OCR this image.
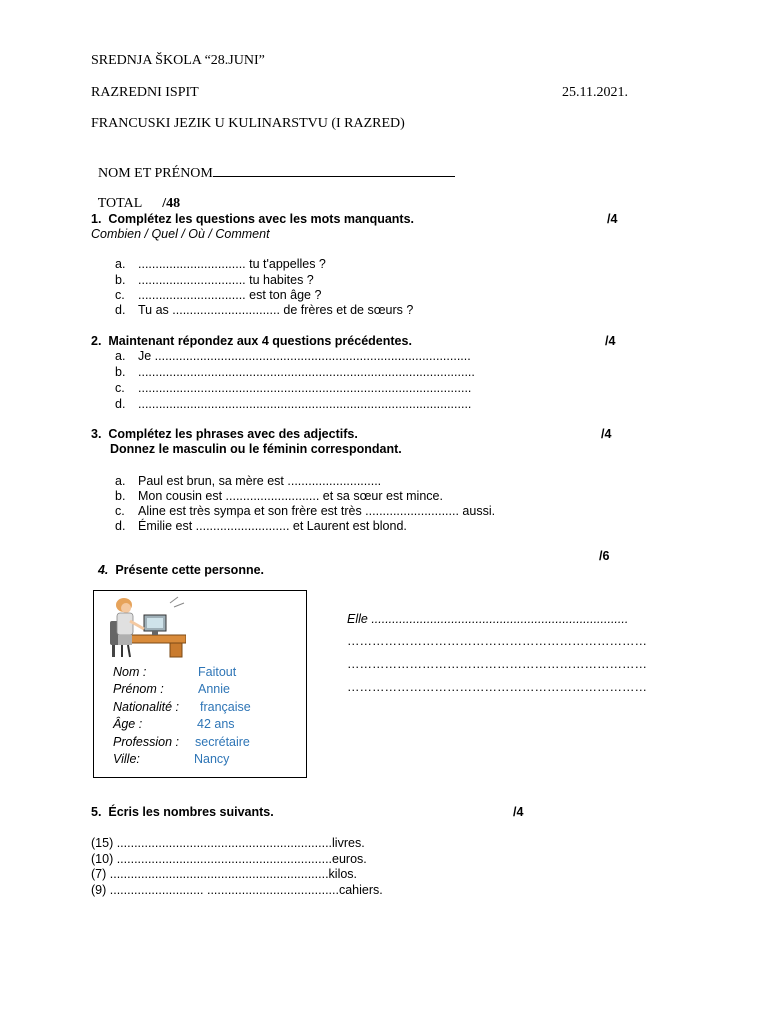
SREDNJA ŠKOLA “28.JUNI”
RAZREDNI ISPIT	25.11.2021.
FRANCUSKI JEZIK U KULINARSTVU (I RAZRED)

NOM ET PRÉNOM

TOTAL /48

1.  Complétez les questions avec les mots manquants.	/4
Combien / Quel / Où / Comment
a. ............................... tu t'appelles ?
b. ............................... tu habites ?
c. ............................... est ton âge ?
d. Tu as ............................... de frères et de sœurs ?
2.  Maintenant répondez aux 4 questions précédentes.	/4
a. Je ...........................................................................................
b. .................................................................................................
c. ................................................................................................
d. ................................................................................................
3.  Complétez les phrases avec des adjectifs.	/4
Donnez le masculin ou le féminin correspondant.
a. Paul est brun, sa mère est ...........................
b. Mon cousin est ........................... et sa sœur est mince.
c. Aline est très sympa et son frère est très ........................... aussi.
d. Émilie est ........................... et Laurent est blond.

4. Présente cette personne.

/6
Nom :	Faitout
Prénom :	Annie
Nationalité : française
Âge :	42 ans
Profession : secrétaire
Ville:	Nancy
Elle ..........................................................................
………………………………………………………………
………………………………………………………………
………………………………………………………………
5.  Écris les nombres suivants.	/4
(15) ..............................................................livres.
(10) ..............................................................euros.
(7) ...............................................................kilos.
(9) ........................... ......................................cahiers.
